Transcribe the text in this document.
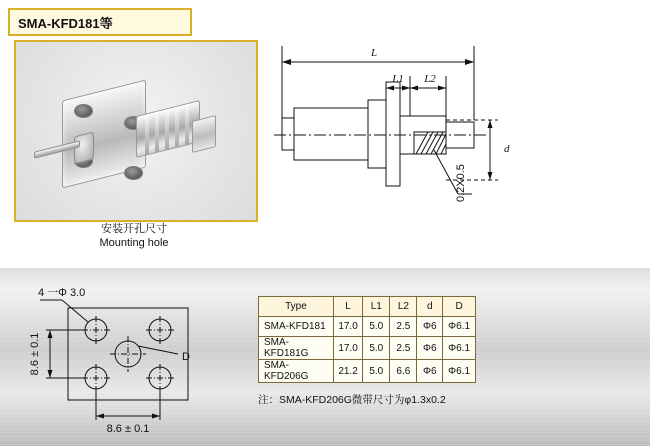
SMA-KFD181等
安装开孔尺寸
Mounting hole
L
L1 L2
d
0.2X0.5
4 一Φ 3.0
D
8.6 ± 0.1
8.6 ± 0.1
Type	L	L1	L2	d	D
SMA-KFD181	17.0	5.0	2.5	Φ6	Φ6.1
SMA-KFD181G	17.0	5.0	2.5	Φ6	Φ6.1
SMA-KFD206G	21.2	5.0	6.6	Φ6	Φ6.1
注：SMA-KFD206G微带尺寸为φ1.3x0.2
